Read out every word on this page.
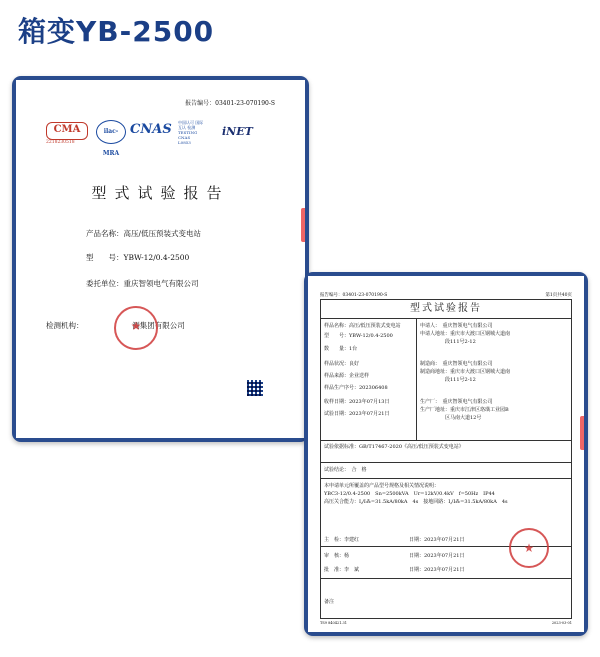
箱变YB-2500
报告编号：03401-23-070190-S
CMA
2218230518
ilac-MRA
CNAS 中国认可 国际互认 检测 TESTING CNAS L0853
iNET
型式试验报告
产品名称：高压/低压预装式变电站
型　　号：YBW-12/0.4-2500
委托单位：重庆智领电气有限公司
检测机构：　　　　　　　测集团有限公司
★
报告编号：03401-23-070190-S	第1页共40页
型式试验报告
样品名称：高压/低压预装式变电站
型　　号：YBW-12/0.4-2500
数　　量：1台
样品状况：良好
样品来源：企业送样
样品生产序号：202306408
收样日期：2023年07月13日
试验日期：2023年07月21日
申请人：　重庆智领电气有限公司
申请人地址：重庆市大渡口区钢城大道南
　　　　　段111号2-12
制造商：　重庆智领电气有限公司
制造商地址：重庆市大渡口区钢城大道南
　　　　　段111号2-12
生产厂：　重庆智领电气有限公司
生产厂地址：重庆市江津区珞璜工业园B
　　　　　区马南大道12号
试验依据标准：GB/T17467-2020《高压/低压预装式变电站》
试验结论：　合　格
本申请单元所覆盖的产品型号规格及相关情况说明：
YBC3-12/0.4-2500　Sn=2500kVA　Ur=12kV/0.4kV　f=50Hz　IP44
高压关合能力：I⁁/I⁂=31.5kA/80kA　4s　接地回路：I⁁/I⁂=31.5kA/80kA　4s
主　检：李建红　　　　　　　　　　日期：2023年07月21日
审　核：杨　　　　　　　　　　　　日期：2023年07月21日
批　准：李　斌　　　　　　　　　　日期：2023年07月21日
备注
★
TS9 840421.31	2023-03-01
